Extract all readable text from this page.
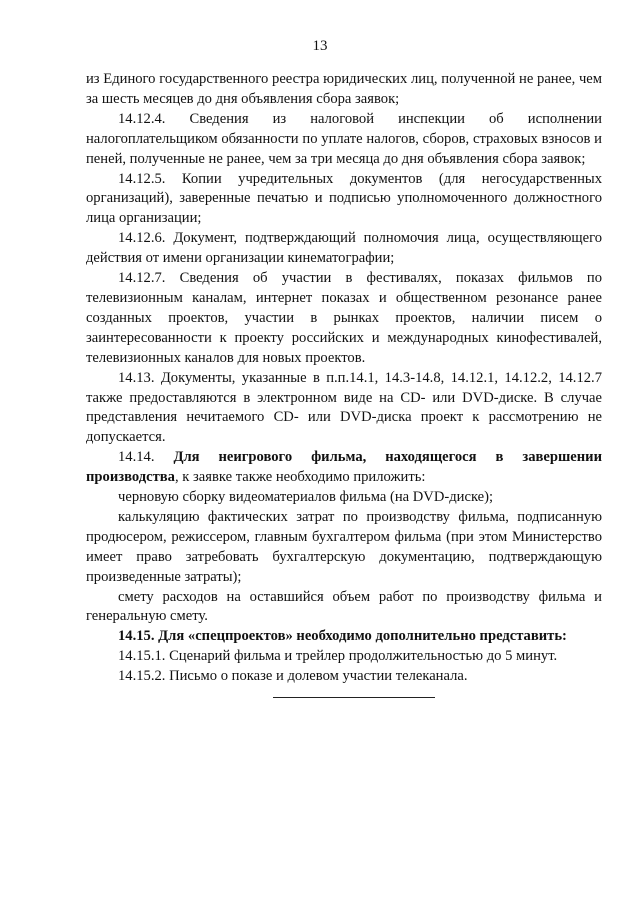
13

из Единого государственного реестра юридических лиц, полученной не ранее, чем за шесть месяцев до дня объявления сбора заявок;

14.12.4. Сведения из налоговой инспекции об исполнении налогоплательщиком обязанности по уплате налогов, сборов, страховых взносов и пеней, полученные не ранее, чем за три месяца до дня объявления сбора заявок;

14.12.5. Копии учредительных документов (для негосударственных организаций), заверенные печатью и подписью уполномоченного должностного лица организации;

14.12.6. Документ, подтверждающий полномочия лица, осуществляющего действия от имени организации кинематографии;

14.12.7. Сведения об участии в фестивалях, показах фильмов по телевизионным каналам, интернет показах и общественном резонансе ранее созданных проектов, участии в рынках проектов, наличии писем о заинтересованности к проекту российских и международных кинофестивалей, телевизионных каналов для новых проектов.

14.13. Документы, указанные в п.п.14.1, 14.3-14.8, 14.12.1, 14.12.2, 14.12.7 также предоставляются в электронном виде на CD- или DVD-диске. В случае представления нечитаемого CD- или DVD-диска проект к рассмотрению не допускается.

14.14. Для неигрового фильма, находящегося в завершении производства, к заявке также необходимо приложить:

черновую сборку видеоматериалов фильма (на DVD-диске);

калькуляцию фактических затрат по производству фильма, подписанную продюсером, режиссером, главным бухгалтером фильма (при этом Министерство имеет право затребовать бухгалтерскую документацию, подтверждающую произведенные затраты);

смету расходов на оставшийся объем работ по производству фильма и генеральную смету.

14.15. Для «спецпроектов» необходимо дополнительно представить:

14.15.1. Сценарий фильма и трейлер продолжительностью до 5 минут.

14.15.2. Письмо о показе и долевом участии телеканала.
